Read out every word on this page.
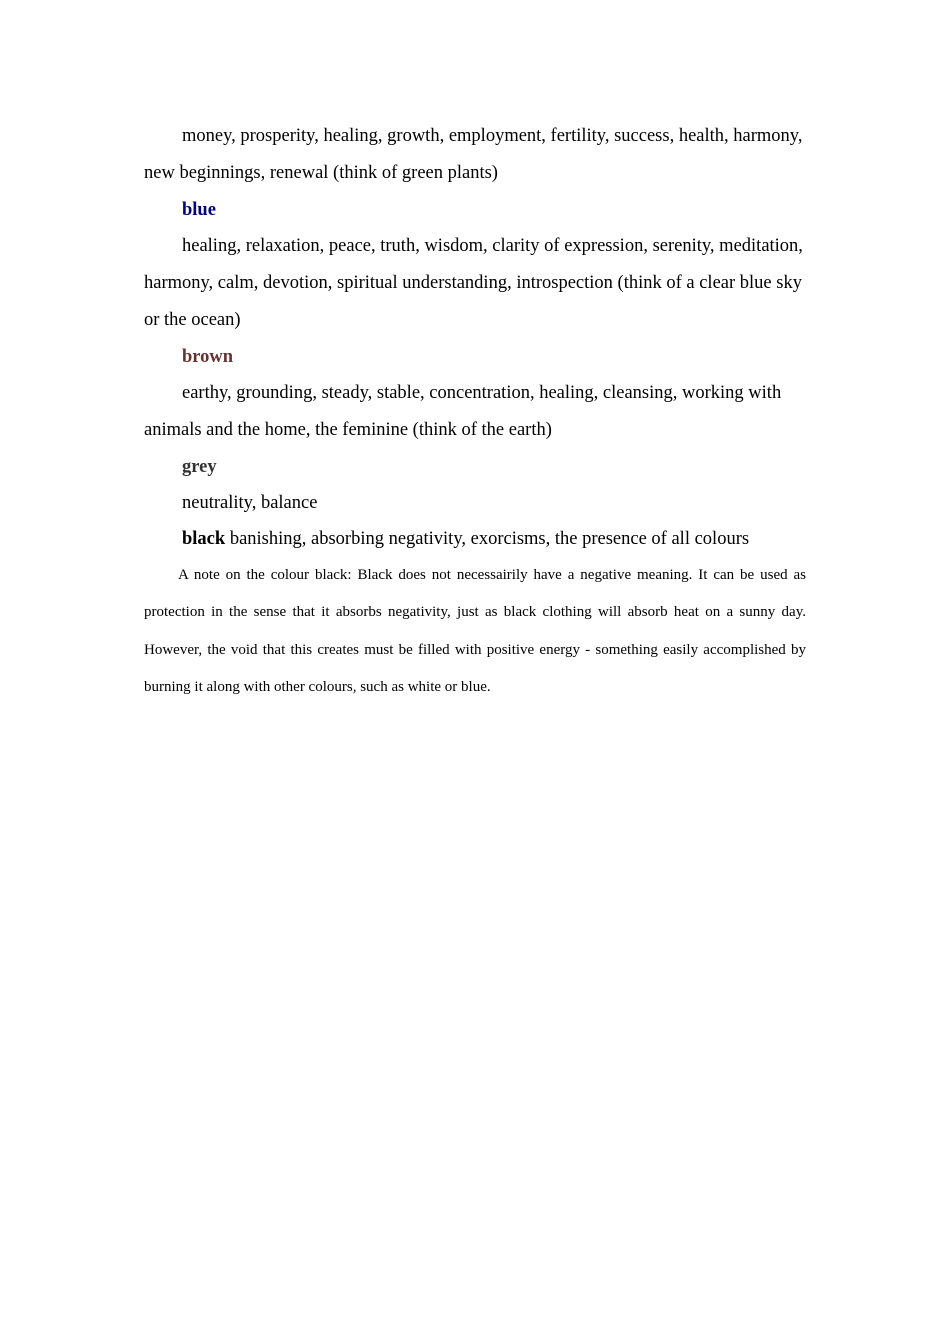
money, prosperity, healing, growth, employment, fertility, success, health, harmony, new beginnings, renewal (think of green plants)

blue

healing, relaxation, peace, truth, wisdom, clarity of expression, serenity, meditation, harmony, calm, devotion, spiritual understanding, introspection (think of a clear blue sky or the ocean)

brown

earthy, grounding, steady, stable, concentration, healing, cleansing, working with animals and the home, the feminine (think of the earth)

grey

neutrality, balance

black banishing, absorbing negativity, exorcisms, the presence of all colours

A note on the colour black: Black does not necessairily have a negative meaning. It can be used as protection in the sense that it absorbs negativity, just as black clothing will absorb heat on a sunny day. However, the void that this creates must be filled with positive energy - something easily accomplished by burning it along with other colours, such as white or blue.
